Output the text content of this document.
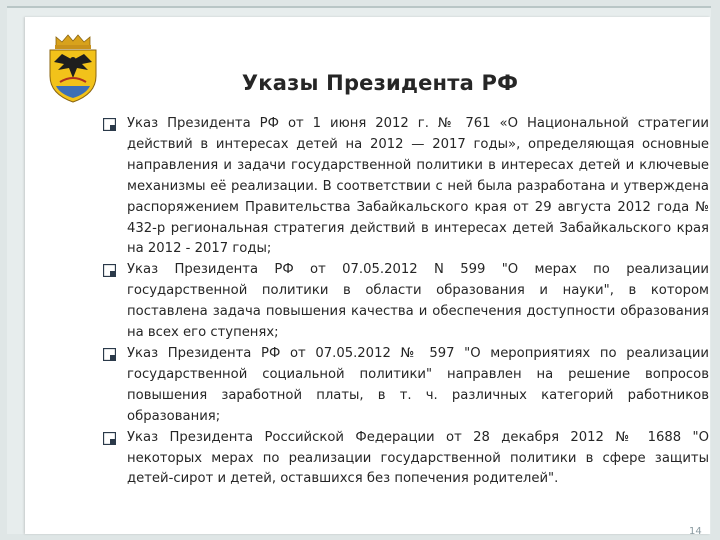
Указы Президента РФ
Указ Президента РФ от 1 июня 2012 г. № 761 «О Национальной стратегии действий в интересах детей на 2012 — 2017 годы», определяющая основные направления и задачи государственной политики в интересах детей и ключевые механизмы её реализации. В соответствии с ней была разработана и утверждена распоряжением Правительства Забайкальского края от 29 августа 2012 года № 432-р региональная стратегия действий в интересах детей Забайкальского края на 2012 - 2017 годы;
Указ Президента РФ от 07.05.2012 N 599 "О мерах по реализации государственной политики в области образования и науки", в котором поставлена задача повышения качества и обеспечения доступности образования на всех его ступенях;
Указ Президента РФ от 07.05.2012 № 597 "О мероприятиях по реализации государственной социальной политики" направлен на решение вопросов повышения заработной платы, в т. ч. различных категорий работников образования;
Указ Президента Российской Федерации от 28 декабря 2012 № 1688 "О некоторых мерах по реализации государственной политики в сфере защиты детей-сирот и детей, оставшихся без попечения родителей".
14
